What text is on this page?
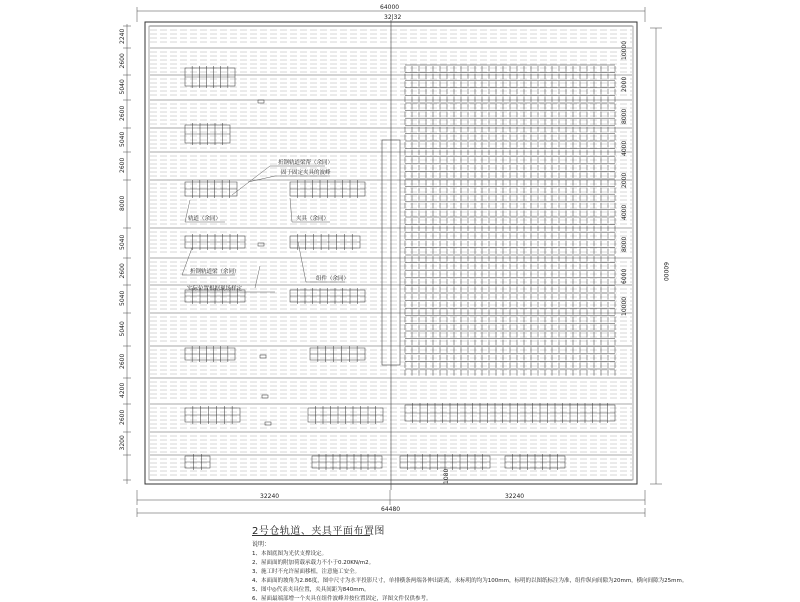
2240
2600
5040
2600
5040
2600
8000
5040
2600
5040
5040
2600
4200
2600
3200
10000
2000
8000
4000
2000
4000
8000
6000
10000
64000
32|32
60000
32240	32240
64480
1080
折钢轨道梁帮（余同）
固于固定夹具的波峰
轨道（余同）	夹具（余同）
折钢轨道梁（余同）
组件（余同）
实际位置根据现场样定
2号仓轨道、夹具平面布置图
说明：
1、本图底图为光伏支撑设定。
2、屋面面的附加荷载承载力不小于0.20KN/m2。
3、施工时不允许屋面移植，注意施工安全。
4、本面面的坡角为2.86度，图中尺寸为水平投影尺寸，单排横条两端各伸出距离，未标明的均为100mm，标明的以图纸标注为准，组件纵向间隙为20mm，横向间隙为25mm。
5、图中◎代表夹具位置，夹具间距为840mm。
6、屋面最端部增一个夹具在组件波峰并按位置固定，详图文件仅供参考。
